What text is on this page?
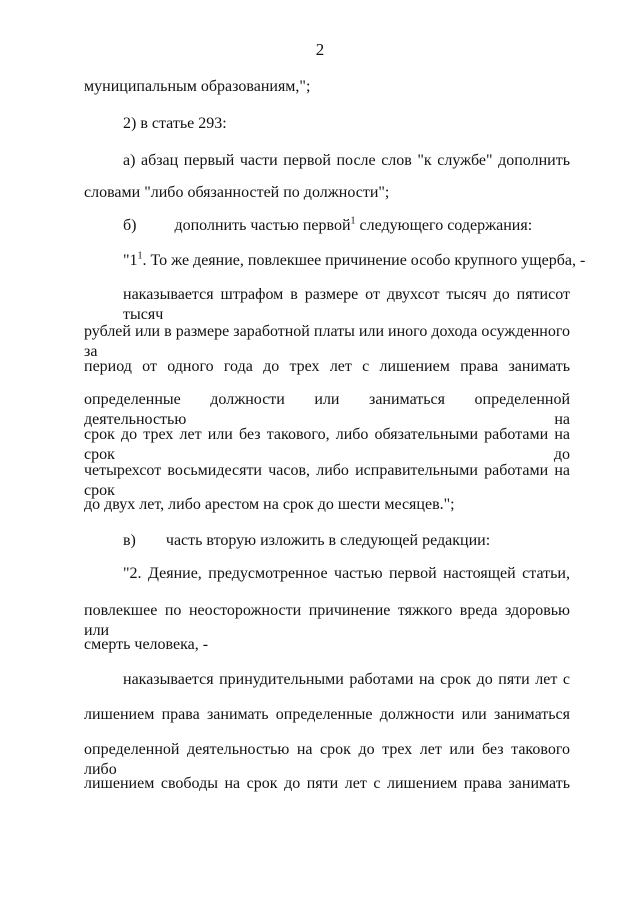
2
муниципальным образованиям,";
2) в статье 293:
а) абзац первый части первой после слов "к службе" дополнить
словами "либо обязанностей по должности";
б) дополнить частью первой$^1$ следующего содержания:
"$1^1$. То же деяние, повлекшее причинение особо крупного ущерба, -
наказывается штрафом в размере от двухсот тысяч до пятисот тысяч
рублей или в размере заработной платы или иного дохода осужденного за
период от одного года до трех лет с лишением права занимать
определенные должности или заниматься определенной деятельностью на
срок до трех лет или без такового, либо обязательными работами на срок до
четырехсот восьмидесяти часов, либо исправительными работами на срок
до двух лет, либо арестом на срок до шести месяцев.";
в) часть вторую изложить в следующей редакции:
"2. Деяние, предусмотренное частью первой настоящей статьи,
повлекшее по неосторожности причинение тяжкого вреда здоровью или
смерть человека, -
наказывается принудительными работами на срок до пяти лет с
лишением права занимать определенные должности или заниматься
определенной деятельностью на срок до трех лет или без такового либо
лишением свободы на срок до пяти лет с лишением права занимать
